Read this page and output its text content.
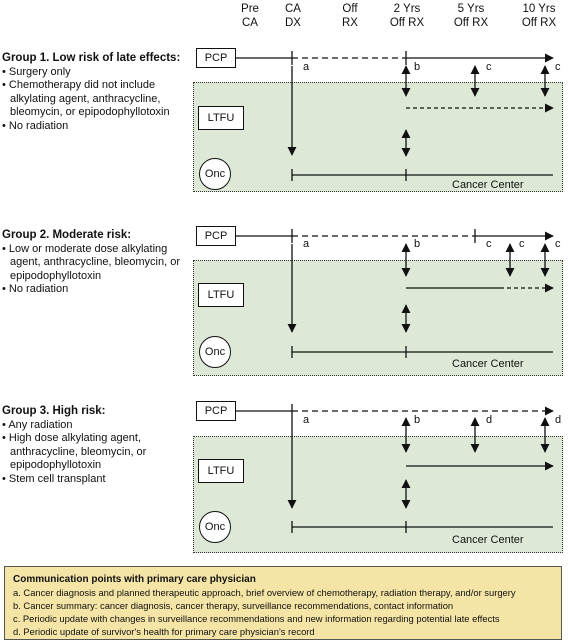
Pre
CA
CA
DX
Off
RX
2 Yrs
Off RX
5 Yrs
Off RX
10 Yrs
Off RX
Group 1. Low risk of late effects:

• Surgery only

• Chemotherapy did not include alkylating agent, anthracycline, bleomycin, or epipodophyllotoxin

• No radiation

Group 2. Moderate risk:

• Low or moderate dose alkylating agent, anthracycline, bleomycin, or epipodophyllotoxin

• No radiation

Group 3. High risk:

• Any radiation

• High dose alkylating agent, anthracycline, bleomycin, or epipodophyllotoxin

• Stem cell transplant

PCP
LTFU
Onc
Cancer Center
a	b	c	c
PCP
LTFU
Onc
Cancer Center
a	b	c	c	c
PCP
LTFU
Onc
Cancer Center
a	b	d	d
Communication points with primary care physician
a. Cancer diagnosis and planned therapeutic approach, brief overview of chemotherapy, radiation therapy, and/or surgery
b. Cancer summary: cancer diagnosis, cancer therapy, surveillance recommendations, contact information
c. Periodic update with changes in surveillance recommendations and new information regarding potential late effects
d. Periodic update of survivor's health for primary care physician's record
